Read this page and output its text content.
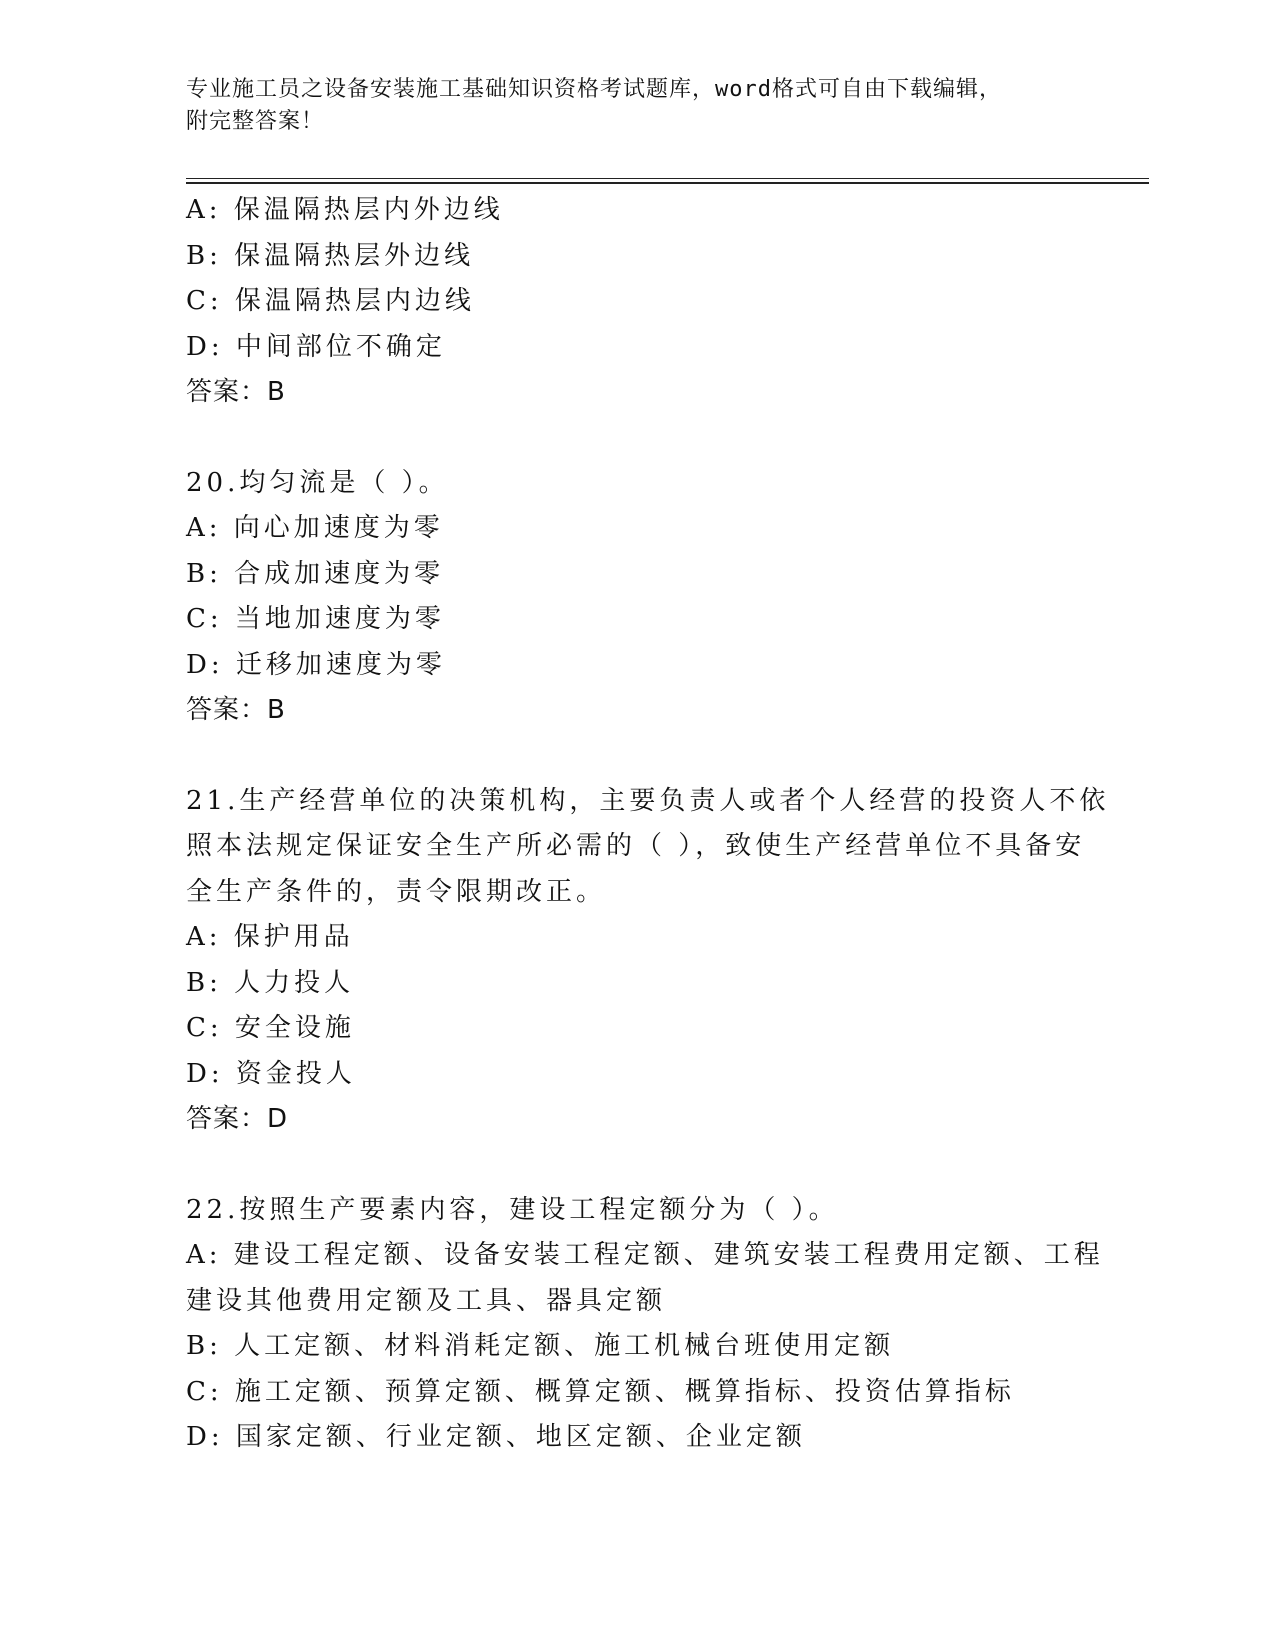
专业施工员之设备安装施工基础知识资格考试题库，word格式可自由下载编辑，
附完整答案！
A: 保温隔热层内外边线
B: 保温隔热层外边线
C: 保温隔热层内边线
D: 中间部位不确定
答案：B
20.均匀流是（ ）。
A: 向心加速度为零
B: 合成加速度为零
C: 当地加速度为零
D: 迁移加速度为零
答案：B
21.生产经营单位的决策机构，主要负责人或者个人经营的投资人不依
照本法规定保证安全生产所必需的（ ），致使生产经营单位不具备安
全生产条件的，责令限期改正。
A: 保护用品
B: 人力投人
C: 安全设施
D: 资金投人
答案：D
22.按照生产要素内容，建设工程定额分为（ ）。
A: 建设工程定额、设备安装工程定额、建筑安装工程费用定额、工程
建设其他费用定额及工具、器具定额
B: 人工定额、材料消耗定额、施工机械台班使用定额
C: 施工定额、预算定额、概算定额、概算指标、投资估算指标
D: 国家定额、行业定额、地区定额、企业定额
